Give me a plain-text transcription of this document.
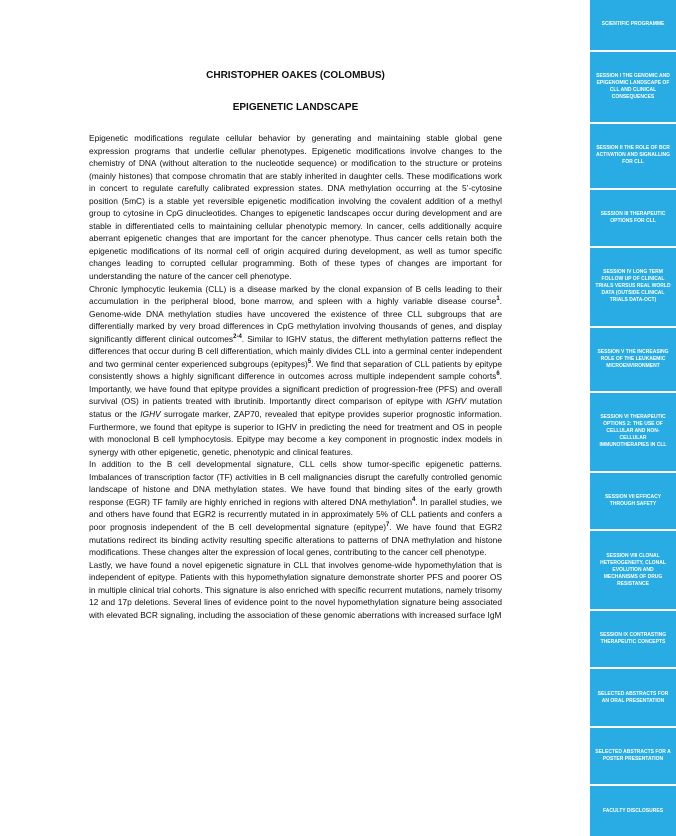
CHRISTOPHER OAKES (COLOMBUS)
EPIGENETIC LANDSCAPE

Epigenetic modifications regulate cellular behavior by generating and maintaining stable global gene expression programs that underlie cellular phenotypes. Epigenetic modifications involve changes to the chemistry of DNA (without alteration to the nucleotide sequence) or modification to the structure or proteins (mainly histones) that compose chromatin that are stably inherited in daughter cells. These modifications work in concert to regulate carefully calibrated expression states. DNA methylation occurring at the 5’-cytosine position (5mC) is a stable yet reversible epigenetic modification involving the covalent addition of a methyl group to cytosine in CpG dinucleotides. Changes to epigenetic landscapes occur during development and are stable in differentiated cells to maintaining cellular phenotypic memory. In cancer, cells additionally acquire aberrant epigenetic changes that are important for the cancer phenotype. Thus cancer cells retain both the epigenetic modifications of its normal cell of origin acquired during development, as well as tumor specific changes leading to corrupted cellular programming. Both of these types of changes are important for understanding the nature of the cancer cell phenotype.

Chronic lymphocytic leukemia (CLL) is a disease marked by the clonal expansion of B cells leading to their accumulation in the peripheral blood, bone marrow, and spleen with a highly variable disease course$^1$. Genome-wide DNA methylation studies have uncovered the existence of three CLL subgroups that are differentially marked by very broad differences in CpG methylation involving thousands of genes, and display significantly different clinical outcomes$^{2-4}$. Similar to IGHV status, the different methylation patterns reflect the differences that occur during B cell differentiation, which mainly divides CLL into a germinal center independent and two germinal center experienced subgroups (epitypes)$^5$. We find that separation of CLL patients by epitype consistently shows a highly significant difference in outcomes across multiple independent sample cohorts$^6$. Importantly, we have found that epitype provides a significant prediction of progression-free (PFS) and overall survival (OS) in patients treated with ibrutinib. Importantly direct comparison of epitype with IGHV mutation status or the IGHV surrogate marker, ZAP70, revealed that epitype provides superior prognostic information. Furthermore, we found that epitype is superior to IGHV in predicting the need for treatment and OS in people with monoclonal B cell lymphocytosis. Epitype may become a key component in prognostic index models in synergy with other epigenetic, genetic, phenotypic and clinical features.

In addition to the B cell developmental signature, CLL cells show tumor-specific epigenetic patterns. Imbalances of transcription factor (TF) activities in B cell malignancies disrupt the carefully controlled genomic landscape of histone and DNA methylation states. We have found that binding sites of the early growth response (EGR) TF family are highly enriched in regions with altered DNA methylation$^4$. In parallel studies, we and others have found that EGR2 is recurrently mutated in in approximately 5% of CLL patients and confers a poor prognosis independent of the B cell developmental signature (epitype)$^7$. We have found that EGR2 mutations redirect its binding activity resulting specific alterations to patterns of DNA methylation and histone modifications. These changes alter the expression of local genes, contributing to the cancer cell phenotype.

Lastly, we have found a novel epigenetic signature in CLL that involves genome-wide hypomethylation that is independent of epitype. Patients with this hypomethylation signature demonstrate shorter PFS and poorer OS in multiple clinical trial cohorts. This signature is also enriched with specific recurrent mutations, namely trisomy 12 and 17p deletions. Several lines of evidence point to the novel hypomethylation signature being associated with elevated BCR signaling, including the association of these genomic aberrations with increased surface IgM

SCIENTIFIC PROGRAMME
SESSION I THE GENOMIC AND EPIGENOMIC LANDSCAPE OF CLL AND CLINICAL CONSEQUENCES
SESSION II THE ROLE OF BCR ACTIVATION AND SIGNALLING FOR CLL
SESSION III THERAPEUTIC OPTIONS FOR CLL
SESSION IV LONG TERM FOLLOW UP OF CLINICAL TRIALS VERSUS REAL WORLD DATA (OUTSIDE CLINICAL TRIALS DATA-OCT)
SESSION V THE INCREASING ROLE OF THE LEUKAEMIC MICROENVIRONMENT
SESSION VI THERAPEUTIC OPTIONS 2: THE USE OF CELLULAR AND NON-CELLULAR IMMUNOTHERAPIES IN CLL
SESSION VII EFFICACY THROUGH SAFETY
SESSION VIII CLONAL HETEROGENEITY, CLONAL EVOLUTION AND MECHANISMS OF DRUG RESISTANCE
SESSION IX CONTRASTING THERAPEUTIC CONCEPTS
SELECTED ABSTRACTS FOR AN ORAL PRESENTATION
SELECTED ABSTRACTS FOR A POSTER PRESENTATION
FACULTY DISCLOSURES
